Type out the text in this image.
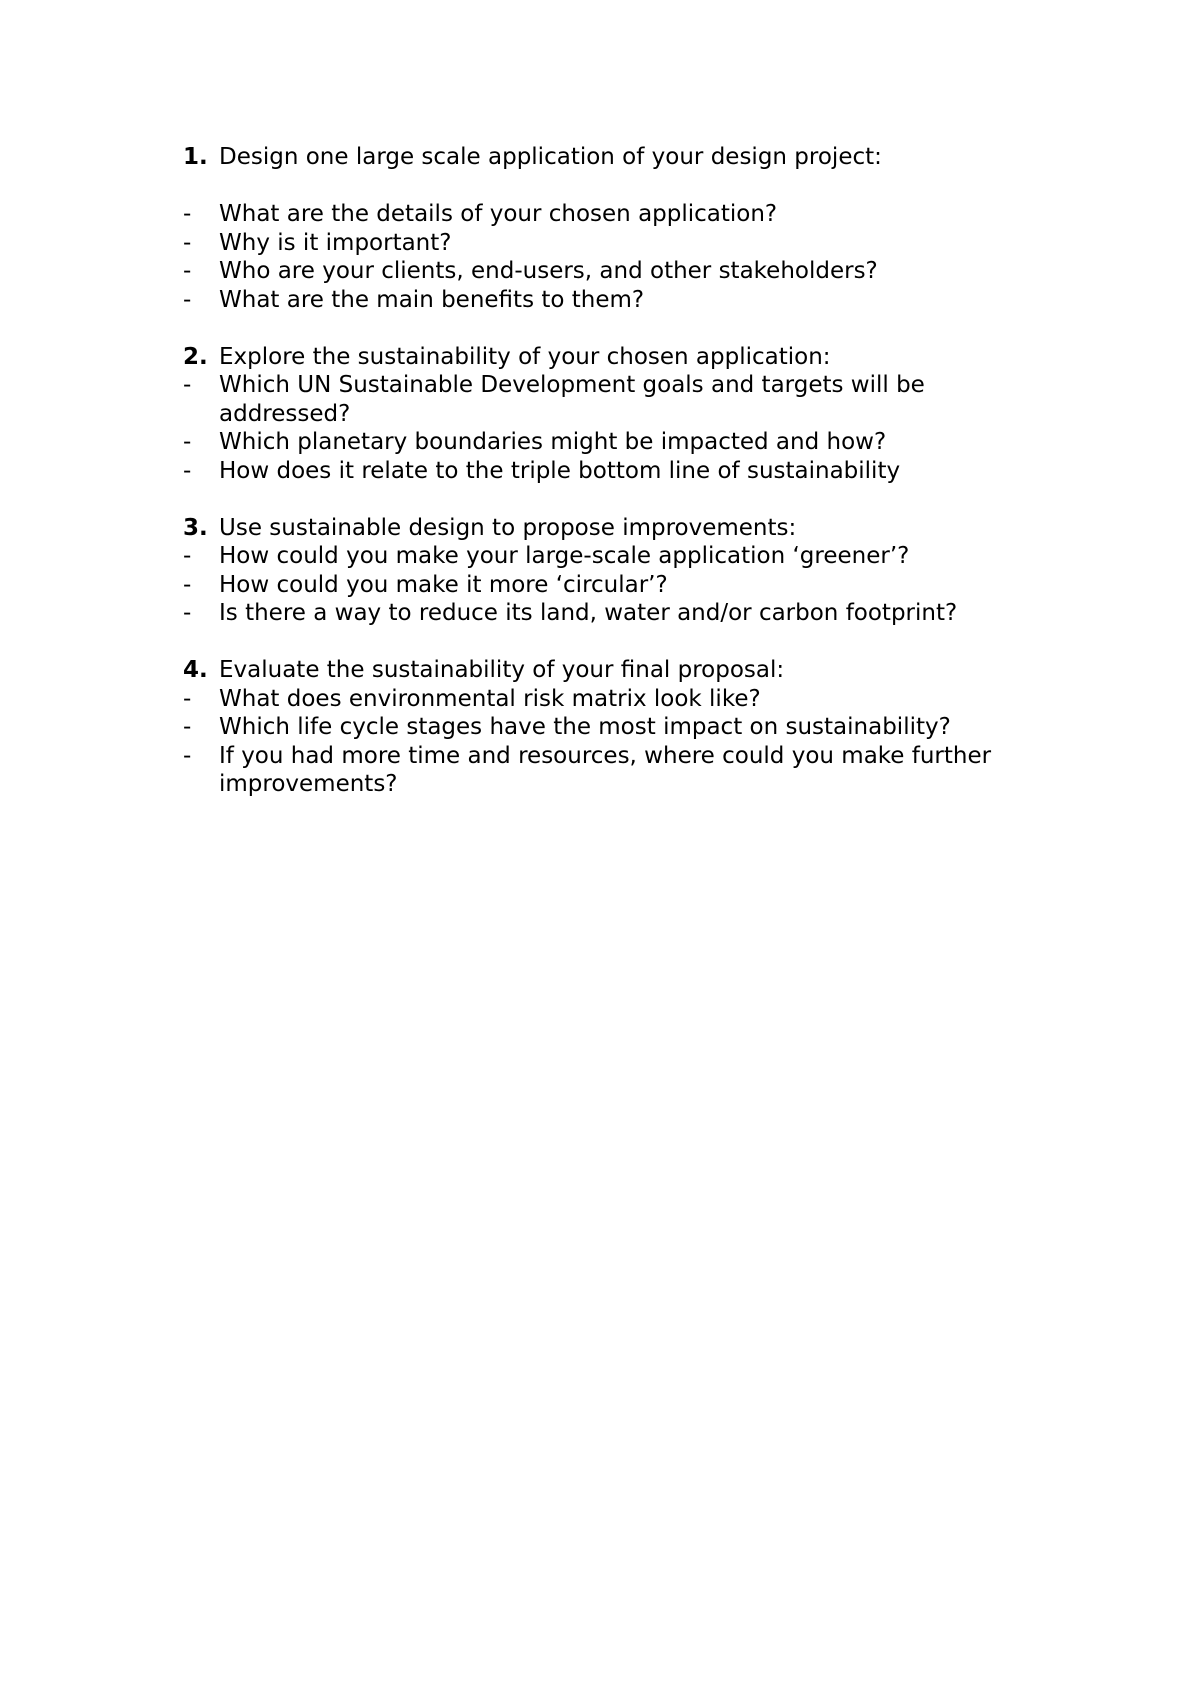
1. Design one large scale application of your design project:

- What are the details of your chosen application?

- Why is it important?

- Who are your clients, end-users, and other stakeholders?

- What are the main benefits to them?

2. Explore the sustainability of your chosen application:

- Which UN Sustainable Development goals and targets will be addressed?

- Which planetary boundaries might be impacted and how?

- How does it relate to the triple bottom line of sustainability

3. Use sustainable design to propose improvements:

- How could you make your large-scale application ‘greener’?

- How could you make it more ‘circular’?

- Is there a way to reduce its land, water and/or carbon footprint?

4. Evaluate the sustainability of your final proposal:

- What does environmental risk matrix look like?

- Which life cycle stages have the most impact on sustainability?

- If you had more time and resources, where could you make further improvements?
